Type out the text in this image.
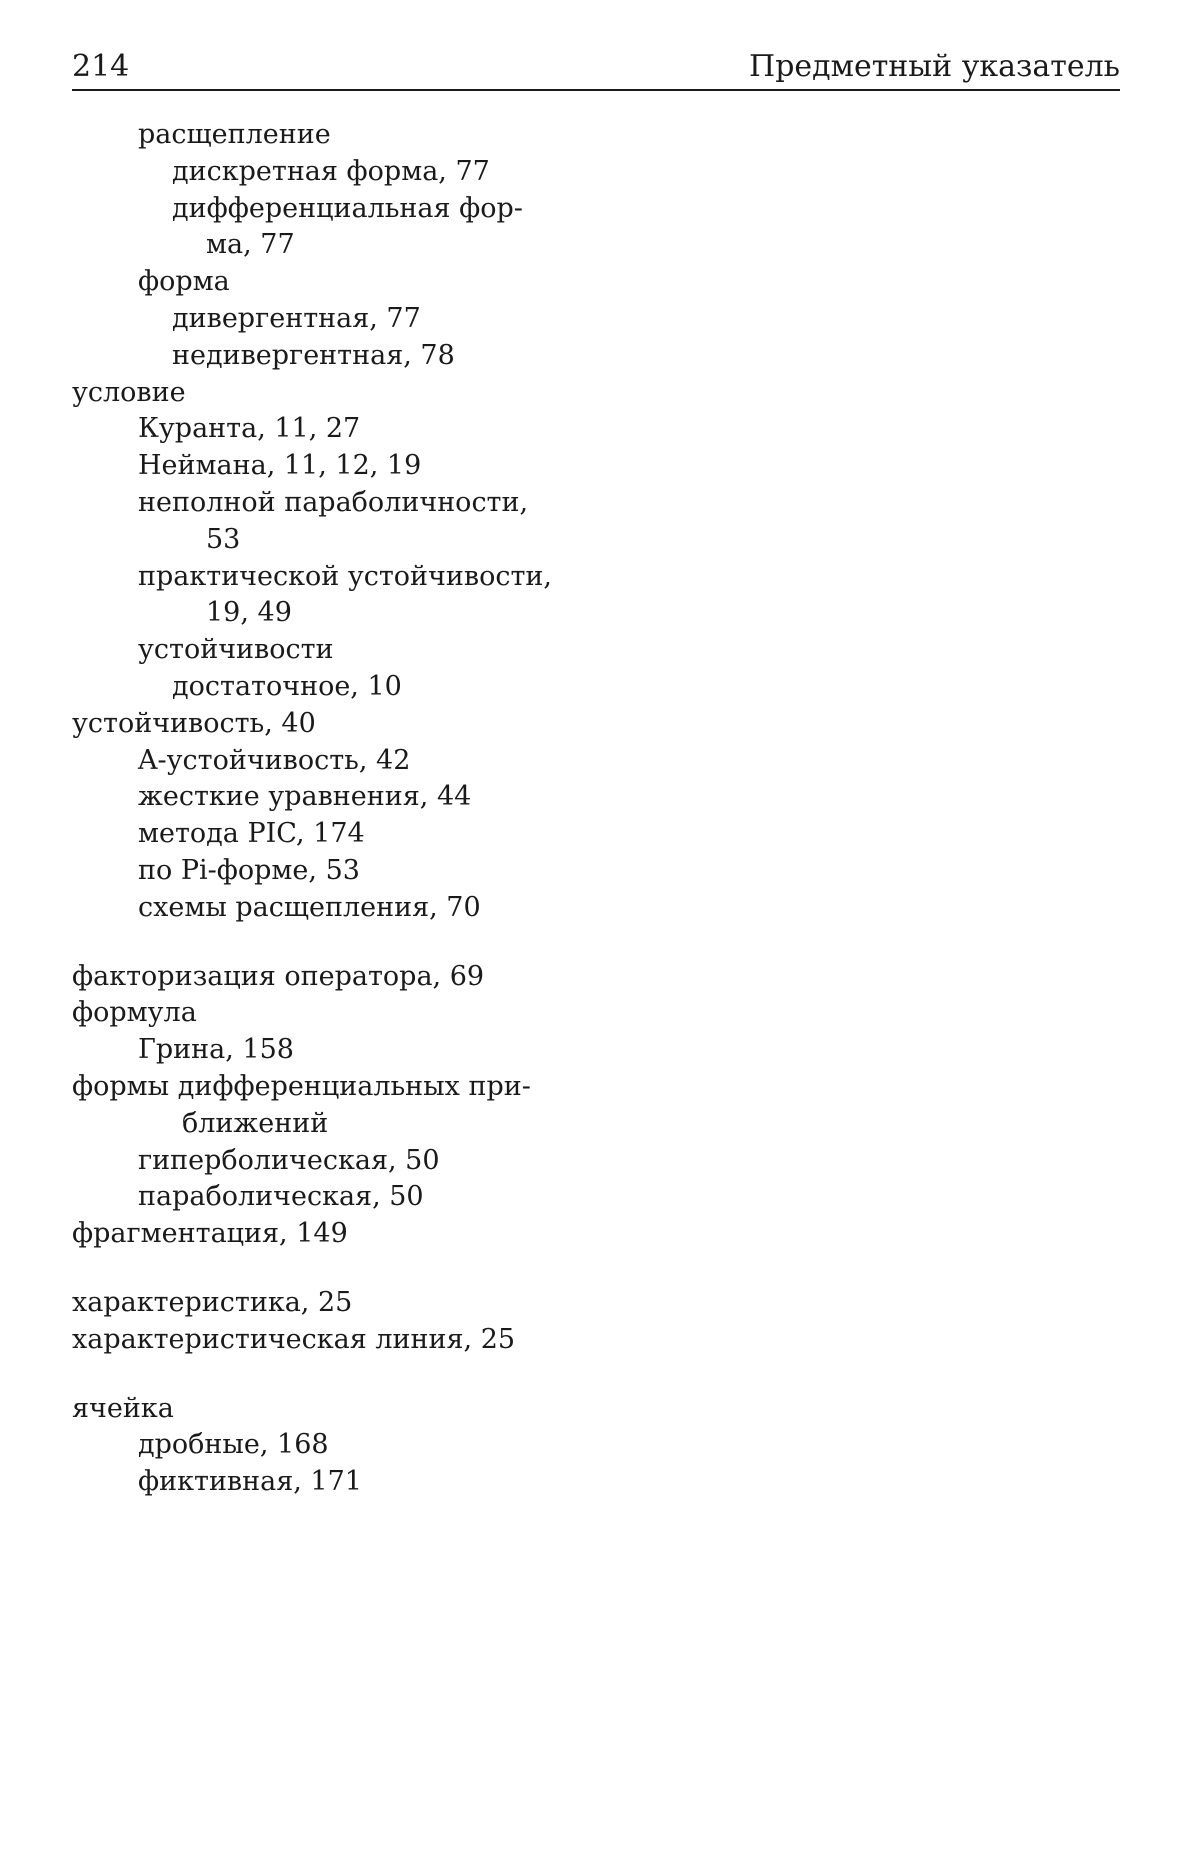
214	Предметный указатель
расщепление
дискретная форма, 77
дифференциальная фор-
ма, 77
форма
дивергентная, 77
недивергентная, 78
условие
Куранта, 11, 27
Неймана, 11, 12, 19
неполной параболичности,
53
практической устойчивости,
19, 49
устойчивости
достаточное, 10
устойчивость, 40
A-устойчивость, 42
жесткие уравнения, 44
метода PIC, 174
по Pi-форме, 53
схемы расщепления, 70
факторизация оператора, 69
формула
Грина, 158
формы дифференциальных при-
ближений
гиперболическая, 50
параболическая, 50
фрагментация, 149
характеристика, 25
характеристическая линия, 25
ячейка
дробные, 168
фиктивная, 171
